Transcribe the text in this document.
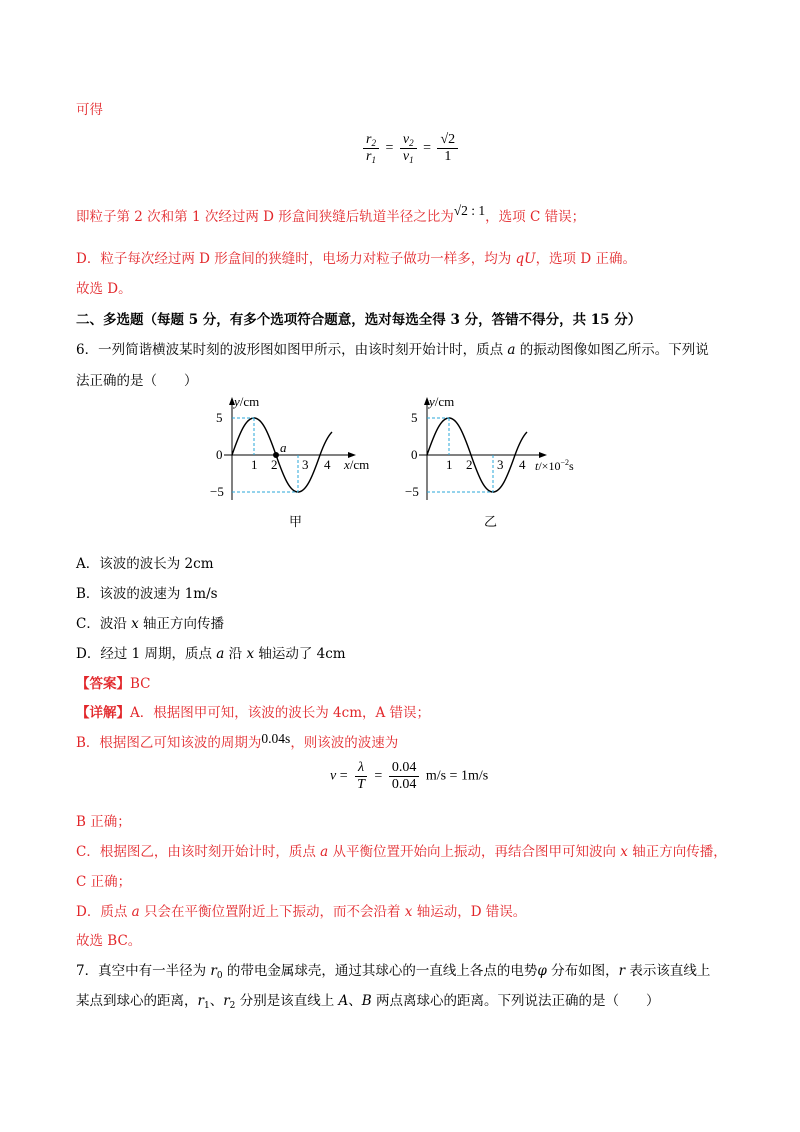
可得
$\frac{r_2}{r_1} = \frac{v_2}{v_1} = \frac{√2}{1}$
即粒子第 2 次和第 1 次经过两 D 形盒间狭缝后轨道半径之比为√2 : 1，选项 C 错误；
D．粒子每次经过两 D 形盒间的狭缝时，电场力对粒子做功一样多，均为 qU，选项 D 正确。
故选 D。
二、多选题（每题 5 分，有多个选项符合题意，选对每选全得 3 分，答错不得分，共 15 分）
6．一列简谐横波某时刻的波形图如图甲所示，由该时刻开始计时，质点 a 的振动图像如图乙所示。下列说
法正确的是（　　）
y/cm
5
0
−5
1 2 3 4
a
x/cm
甲
y/cm
5
0
−5
1 2 3 4 $t/\times 10^{-2}s$
乙
A．该波的波长为 2cm
B．该波的波速为 1m/s
C．波沿 x 轴正方向传播
D．经过 1 周期，质点 a 沿 x 轴运动了 4cm
【答案】BC
【详解】A．根据图甲可知，该波的波长为 4cm，A 错误；
B．根据图乙可知该波的周期为0.04s，则该波的波速为
$v = \frac{\lambda}{T} = \frac{0.04}{0.04} m/s = 1m/s$
B 正确；
C．根据图乙，由该时刻开始计时，质点 a 从平衡位置开始向上振动，再结合图甲可知波向 x 轴正方向传播，
C 正确；
D．质点 a 只会在平衡位置附近上下振动，而不会沿着 x 轴运动，D 错误。
故选 BC。
7．真空中有一半径为 $r_0$ 的带电金属球壳，通过其球心的一直线上各点的电势φ 分布如图，r 表示该直线上
某点到球心的距离，$r_1$、$r_2$ 分别是该直线上 A、B 两点离球心的距离。下列说法正确的是（　　）
